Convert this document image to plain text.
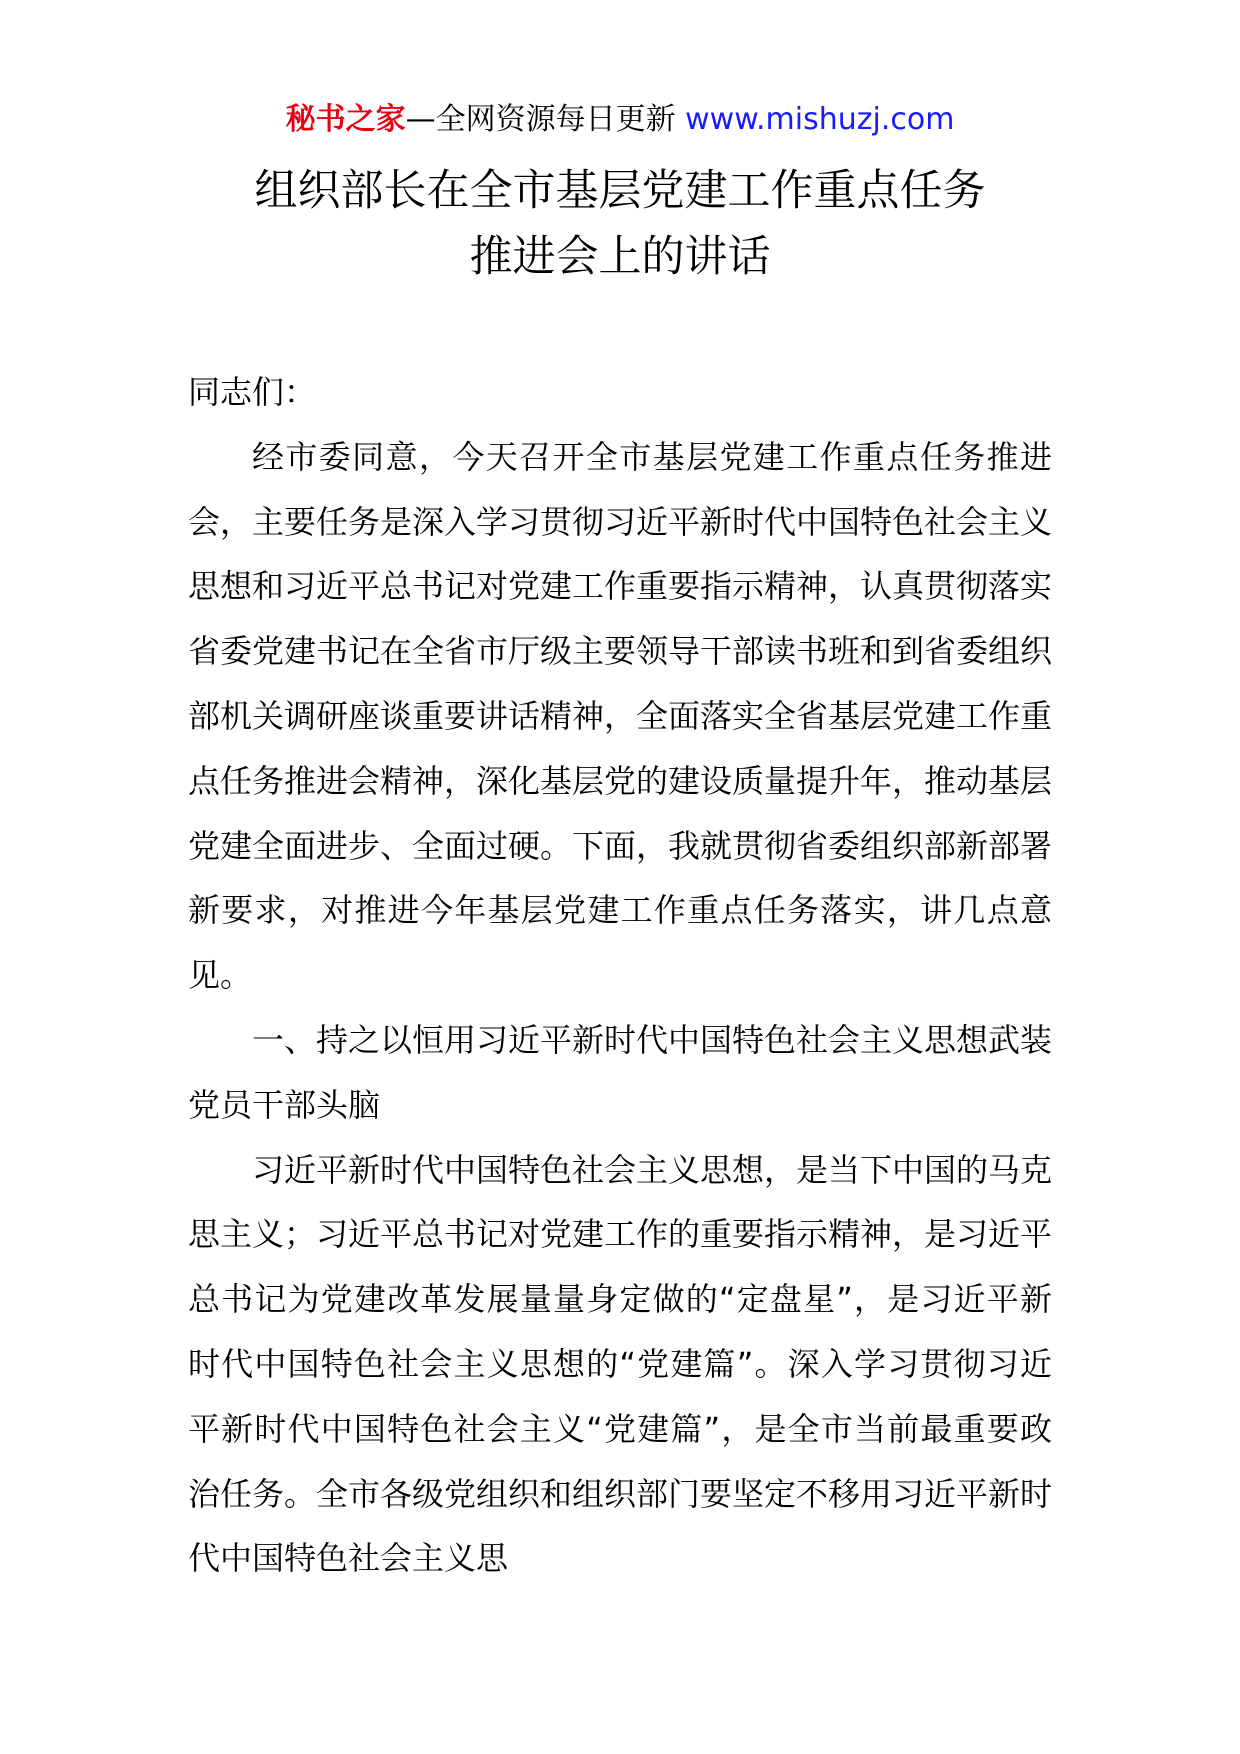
秘书之家—全网资源每日更新 www.mishuzj.com
组织部长在全市基层党建工作重点任务
推进会上的讲话

同志们：

经市委同意，今天召开全市基层党建工作重点任务推进会，主要任务是深入学习贯彻习近平新时代中国特色社会主义思想和习近平总书记对党建工作重要指示精神，认真贯彻落实省委党建书记在全省市厅级主要领导干部读书班和到省委组织部机关调研座谈重要讲话精神，全面落实全省基层党建工作重点任务推进会精神，深化基层党的建设质量提升年，推动基层党建全面进步、全面过硬。下面，我就贯彻省委组织部新部署新要求，对推进今年基层党建工作重点任务落实，讲几点意见。

一、持之以恒用习近平新时代中国特色社会主义思想武装党员干部头脑

习近平新时代中国特色社会主义思想，是当下中国的马克思主义；习近平总书记对党建工作的重要指示精神，是习近平总书记为党建改革发展量量身定做的“定盘星”，是习近平新时代中国特色社会主义思想的“党建篇”。深入学习贯彻习近平新时代中国特色社会主义“党建篇”，是全市当前最重要政治任务。全市各级党组织和组织部门要坚定不移用习近平新时代中国特色社会主义思
